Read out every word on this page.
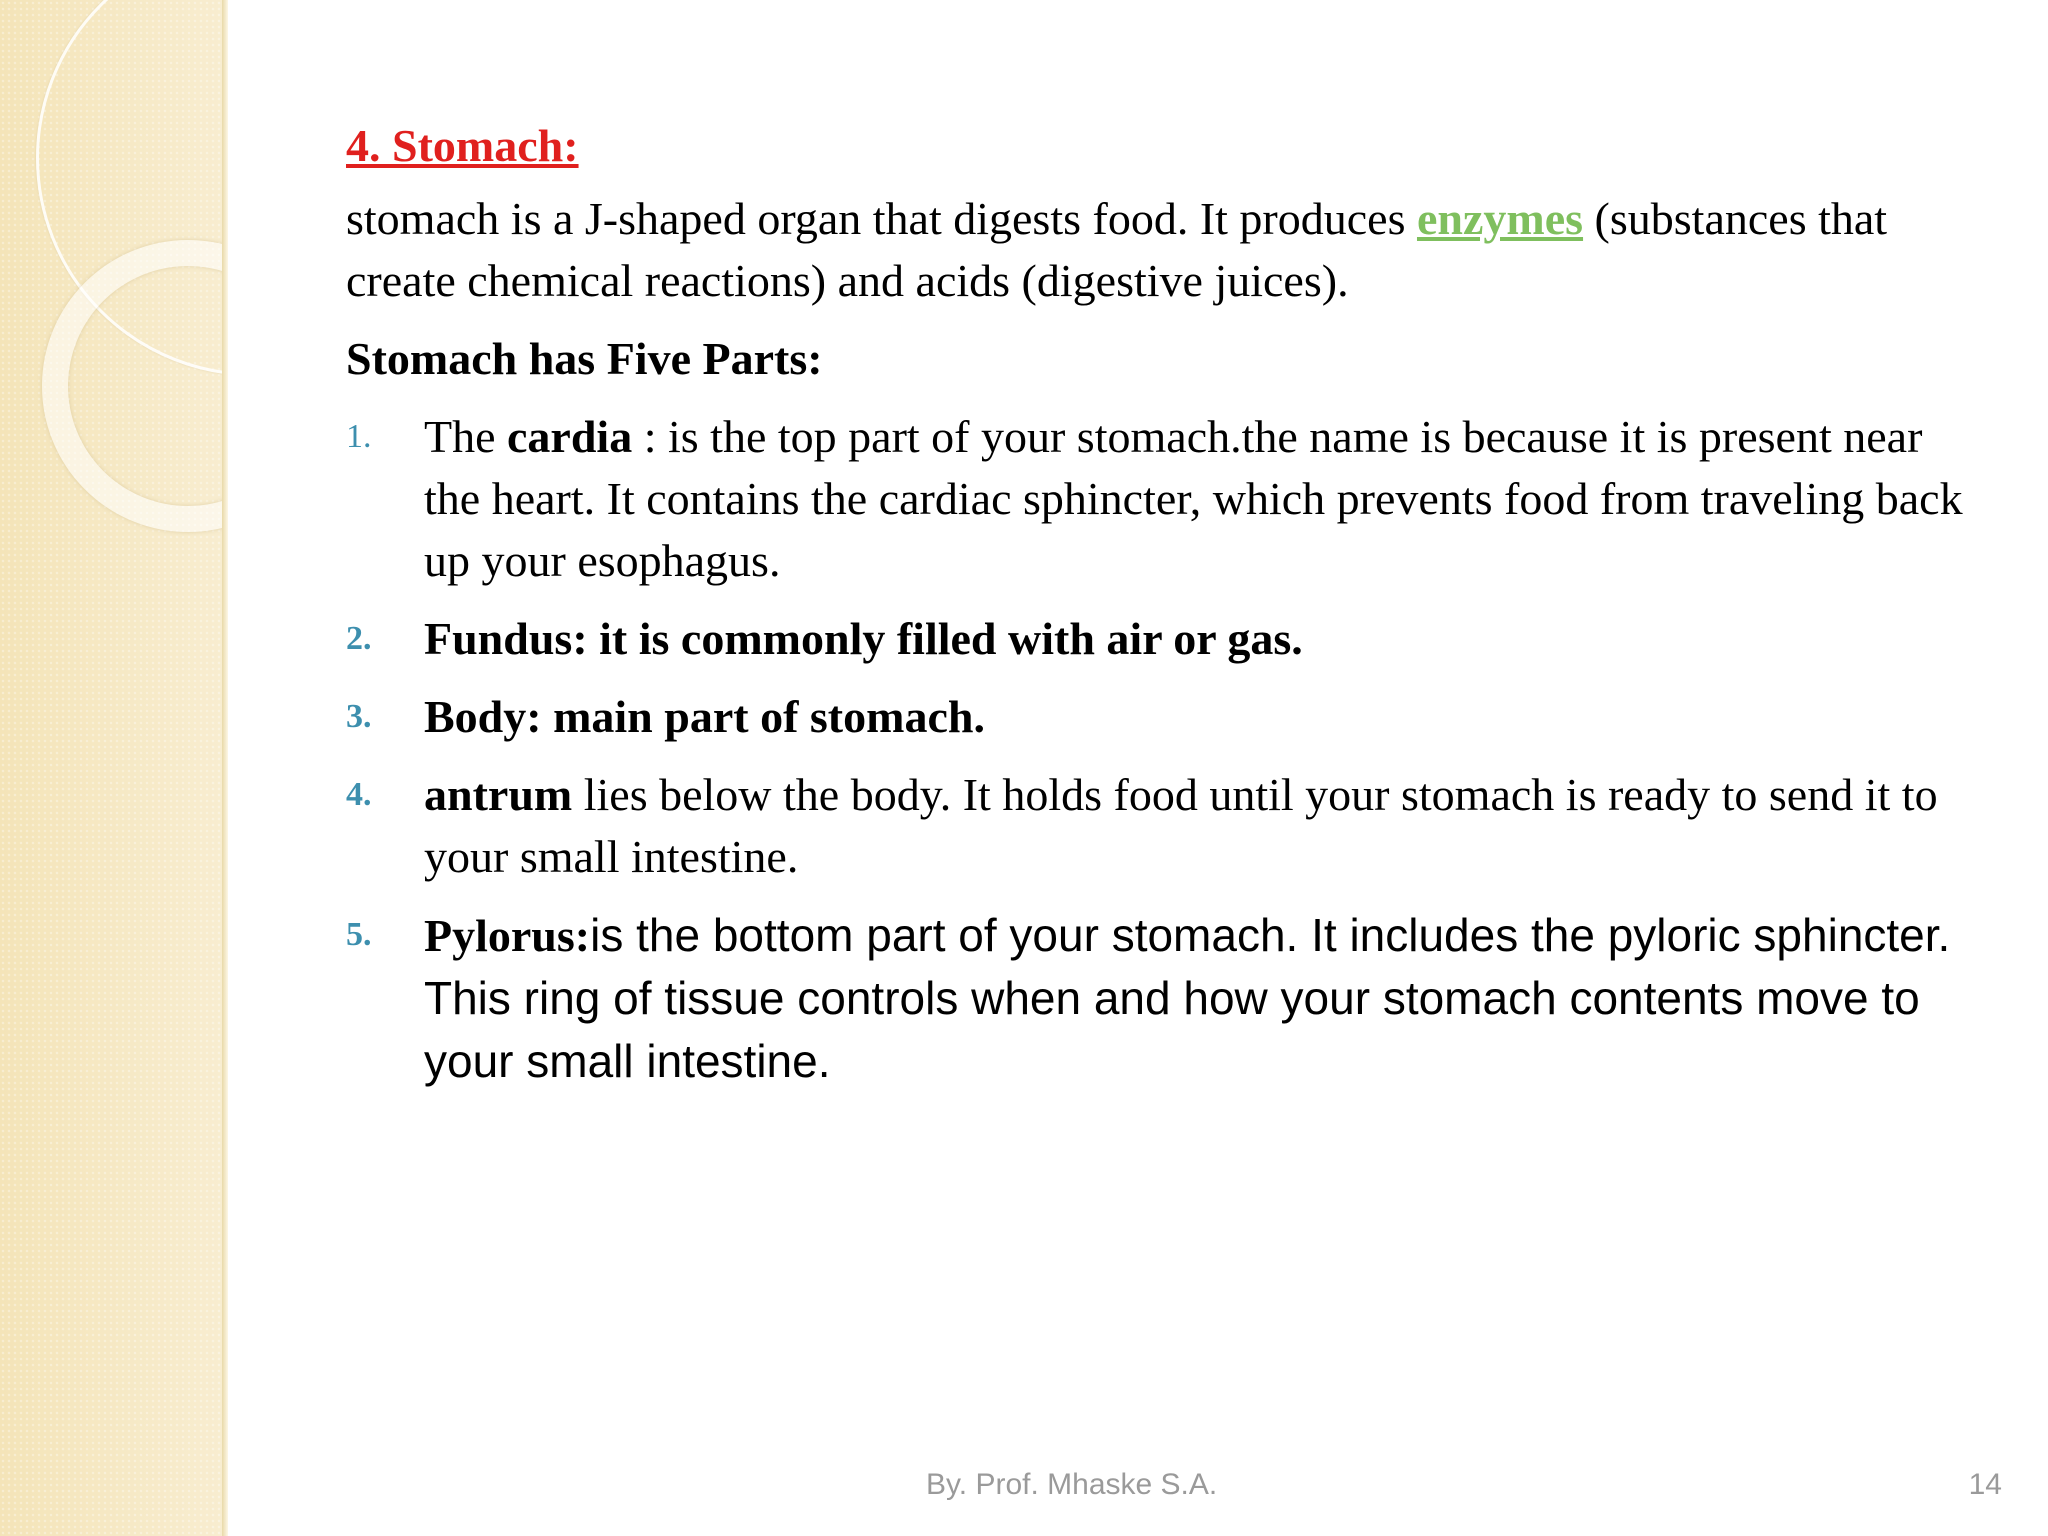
4. Stomach:

stomach is a J-shaped organ that digests food. It produces enzymes (substances that create chemical reactions) and acids (digestive juices).

Stomach has Five Parts:

1. The cardia : is the top part of your stomach.the name is because it is present near the heart. It contains the cardiac sphincter, which prevents food from traveling back up your esophagus.
2. Fundus: it is commonly filled with air or gas.
3. Body: main part of stomach.
4. antrum lies below the body. It holds food until your stomach is ready to send it to your small intestine.
5. Pylorus:is the bottom part of your stomach. It includes the pyloric sphincter. This ring of tissue controls when and how your stomach contents move to your small intestine.
By. Prof. Mhaske S.A.	14
